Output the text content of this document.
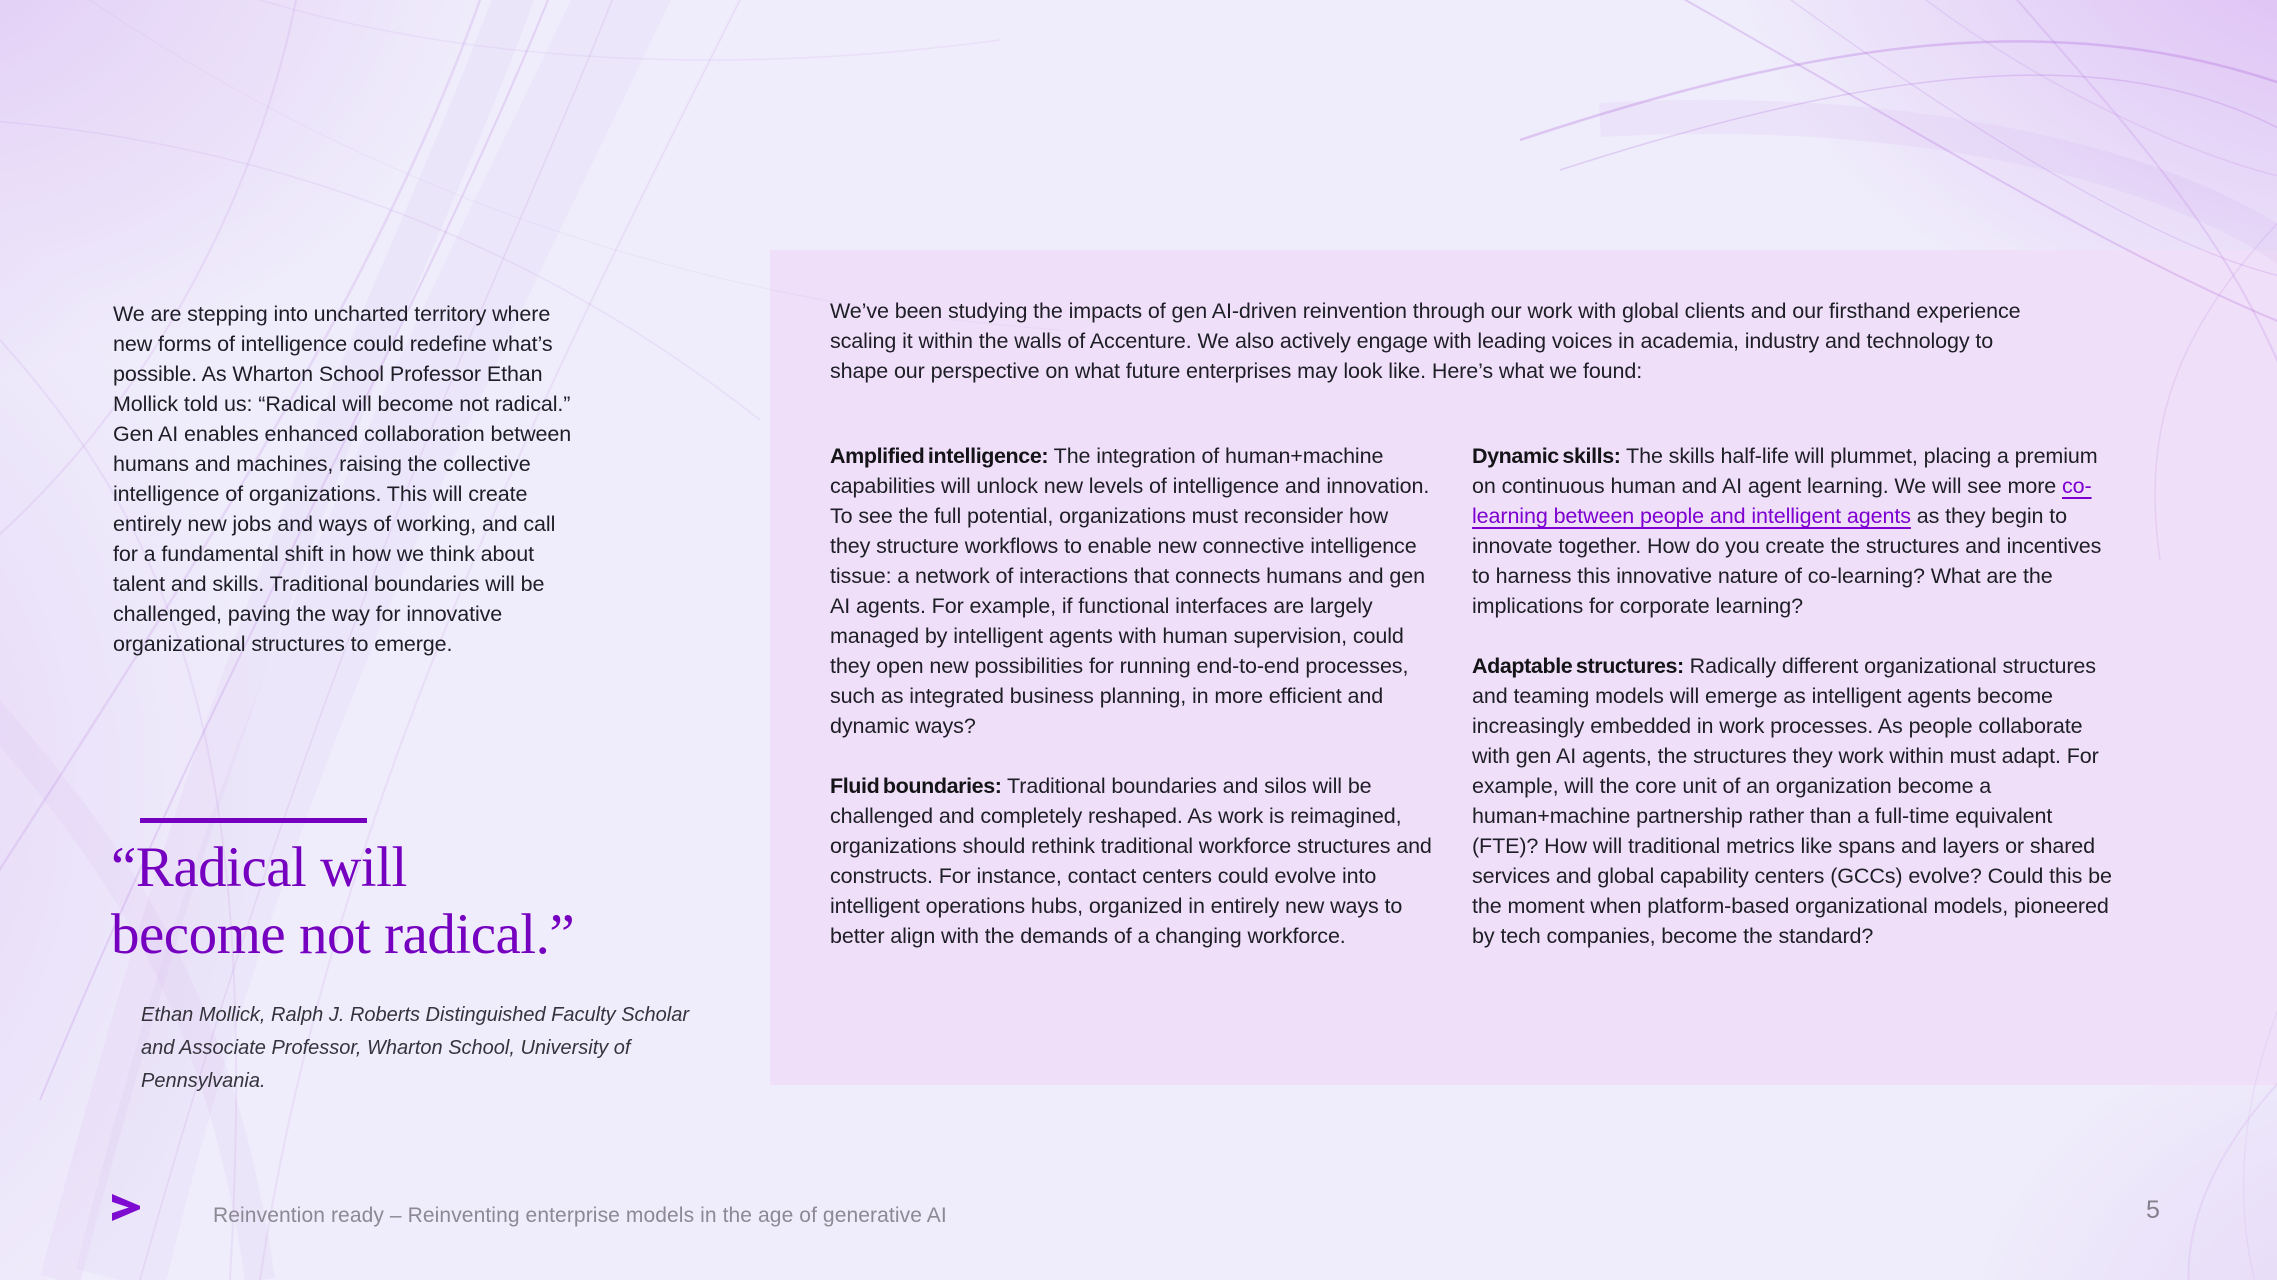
We are stepping into uncharted territory where new forms of intelligence could redefine what’s possible. As Wharton School Professor Ethan Mollick told us: “Radical will become not radical.” Gen AI enables enhanced collaboration between humans and machines, raising the collective intelligence of organizations. This will create entirely new jobs and ways of working, and call for a fundamental shift in how we think about talent and skills. Traditional boundaries will be challenged, paving the way for innovative organizational structures to emerge.

“Radical will
become not radical.”
Ethan Mollick, Ralph J. Roberts Distinguished Faculty Scholar
and Associate Professor, Wharton School, University of Pennsylvania.

We’ve been studying the impacts of gen AI-driven reinvention through our work with global clients and our firsthand experience scaling it within the walls of Accenture. We also actively engage with leading voices in academia, industry and technology to shape our perspective on what future enterprises may look like. Here’s what we found:

Amplified intelligence: The integration of human+machine capabilities will unlock new levels of intelligence and innovation. To see the full potential, organizations must reconsider how they structure workflows to enable new connective intelligence tissue: a network of interactions that connects humans and gen AI agents. For example, if functional interfaces are largely managed by intelligent agents with human supervision, could they open new possibilities for running end-to-end processes, such as integrated business planning, in more efficient and dynamic ways?

Fluid boundaries: Traditional boundaries and silos will be challenged and completely reshaped. As work is reimagined, organizations should rethink traditional workforce structures and constructs. For instance, contact centers could evolve into intelligent operations hubs, organized in entirely new ways to better align with the demands of a changing workforce.

Dynamic skills: The skills half-life will plummet, placing a premium on continuous human and AI agent learning. We will see more co-learning between people and intelligent agents as they begin to innovate together. How do you create the structures and incentives to harness this innovative nature of co-learning? What are the implications for corporate learning?

Adaptable structures: Radically different organizational structures and teaming models will emerge as intelligent agents become increasingly embedded in work processes. As people collaborate with gen AI agents, the structures they work within must adapt. For example, will the core unit of an organization become a human+machine partnership rather than a full-time equivalent (FTE)? How will traditional metrics like spans and layers or shared services and global capability centers (GCCs) evolve? Could this be the moment when platform-based organizational models, pioneered by tech companies, become the standard?

Reinvention ready – Reinventing enterprise models in the age of generative AI	5
